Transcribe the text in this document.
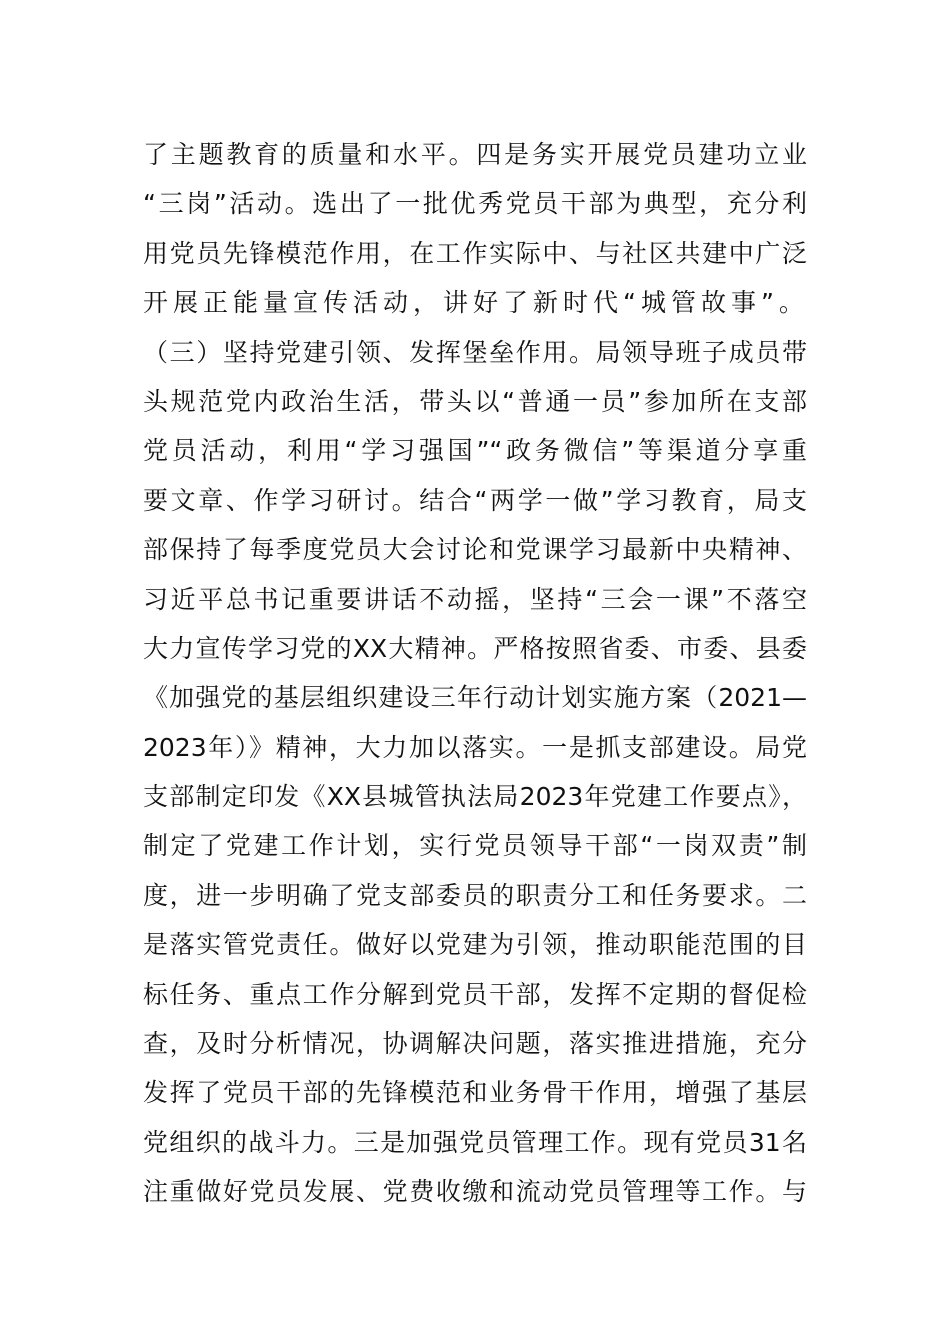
了主题教育的质量和水平。四是务实开展党员建功立业
“三岗”活动。选出了一批优秀党员干部为典型，充分利
用党员先锋模范作用，在工作实际中、与社区共建中广泛
开展正能量宣传活动，讲好了新时代“城管故事”。
（三）坚持党建引领、发挥堡垒作用。局领导班子成员带
头规范党内政治生活，带头以“普通一员”参加所在支部
党员活动，利用“学习强国”“政务微信”等渠道分享重
要文章、作学习研讨。结合“两学一做”学习教育，局支
部保持了每季度党员大会讨论和党课学习最新中央精神、
习近平总书记重要讲话不动摇，坚持“三会一课”不落空
大力宣传学习党的XX大精神。严格按照省委、市委、县委
《加强党的基层组织建设三年行动计划实施方案（2021—
2023年）》精神，大力加以落实。一是抓支部建设。局党
支部制定印发《XX县城管执法局2023年党建工作要点》，
制定了党建工作计划，实行党员领导干部“一岗双责”制
度，进一步明确了党支部委员的职责分工和任务要求。二
是落实管党责任。做好以党建为引领，推动职能范围的目
标任务、重点工作分解到党员干部，发挥不定期的督促检
查，及时分析情况，协调解决问题，落实推进措施，充分
发挥了党员干部的先锋模范和业务骨干作用，增强了基层
党组织的战斗力。三是加强党员管理工作。现有党员31名
注重做好党员发展、党费收缴和流动党员管理等工作。与
